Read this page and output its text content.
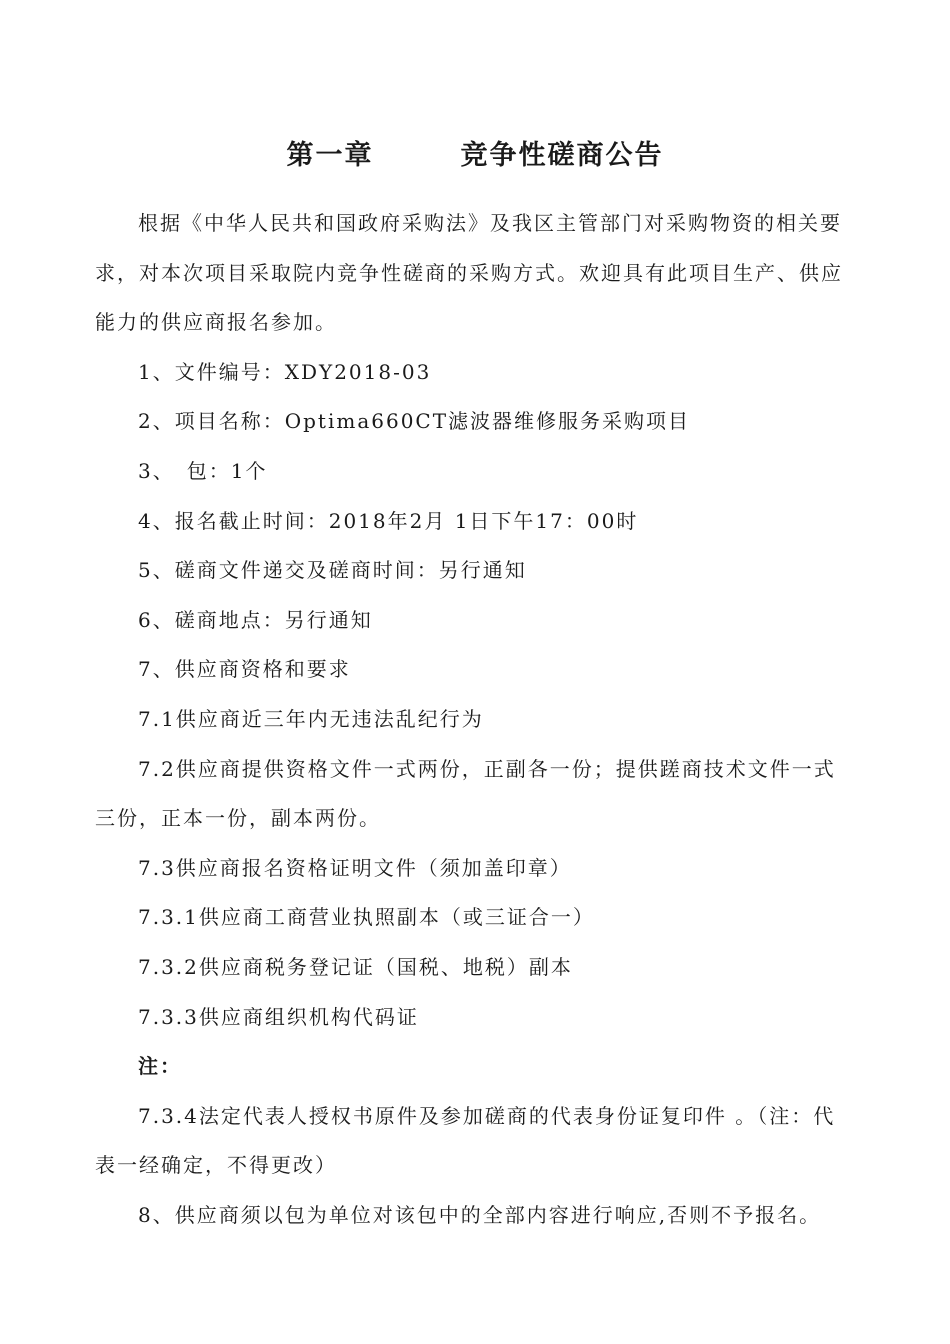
第一章　　　竞争性磋商公告

根据《中华人民共和国政府采购法》及我区主管部门对采购物资的相关要求，对本次项目采取院内竞争性磋商的采购方式。欢迎具有此项目生产、供应能力的供应商报名参加。

1、文件编号：XDY2018-03

2、项目名称：Optima660CT滤波器维修服务采购项目

3、　包：1个

4、报名截止时间：2018年2月 1日下午17：00时

5、磋商文件递交及磋商时间：另行通知

6、磋商地点：另行通知

7、供应商资格和要求

7.1供应商近三年内无违法乱纪行为

7.2供应商提供资格文件一式两份，正副各一份；提供蹉商技术文件一式三份，正本一份，副本两份。

7.3供应商报名资格证明文件（须加盖印章）

7.3.1供应商工商营业执照副本（或三证合一）

7.3.2供应商税务登记证（国税、地税）副本

7.3.3供应商组织机构代码证

注：

7.3.4法定代表人授权书原件及参加磋商的代表身份证复印件 。（注：代表一经确定，不得更改）

8、供应商须以包为单位对该包中的全部内容进行响应,否则不予报名。
